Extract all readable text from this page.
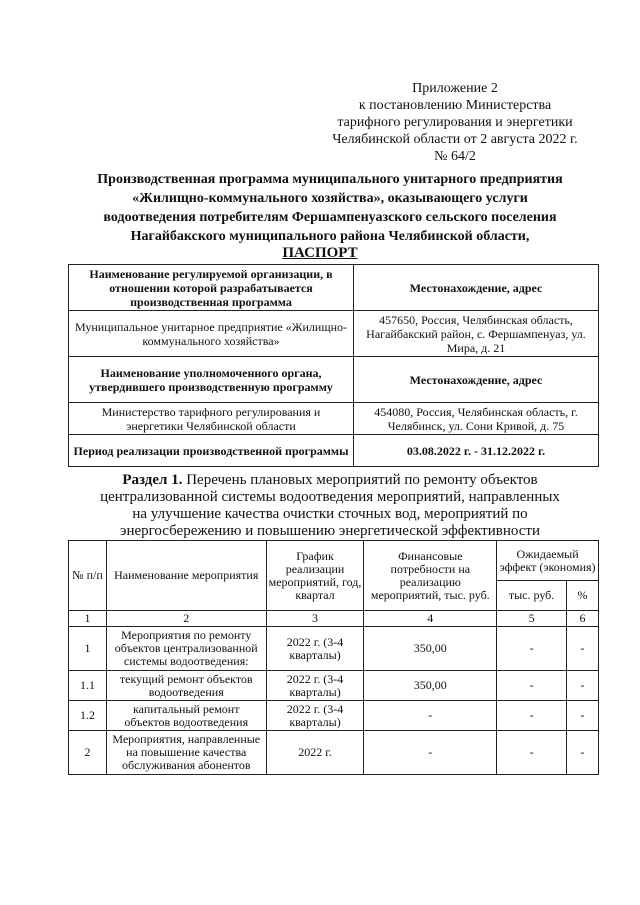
Приложение 2
к постановлению Министерства
тарифного регулирования и энергетики
Челябинской области от 2 августа 2022 г.
№ 64/2
Производственная программа муниципального унитарного предприятия
«Жилищно-коммунального хозяйства», оказывающего услуги
водоотведения потребителям Фершампенуазского сельского поселения
Нагайбакского муниципального района Челябинской области,
ПАСПОРТ
Наименование регулируемой организации, в отношении которой разрабатывается производственная программа	Местонахождение, адрес
Муниципальное унитарное предприятие «Жилищно-коммунального хозяйства»	457650, Россия, Челябинская область, Нагайбакский район, с. Фершампенуаз, ул. Мира, д. 21
Наименование уполномоченного органа, утвердившего производственную программу	Местонахождение, адрес
Министерство тарифного регулирования и энергетики Челябинской области	454080, Россия, Челябинская область, г. Челябинск, ул. Сони Кривой, д. 75
Период реализации производственной программы	03.08.2022 г. - 31.12.2022 г.
Раздел 1. Перечень плановых мероприятий по ремонту объектов
централизованной системы водоотведения мероприятий, направленных
на улучшение качества очистки сточных вод, мероприятий по
энергосбережению и повышению энергетической эффективности
№ п/п	Наименование мероприятия	График реализации мероприятий, год, квартал	Финансовые потребности на реализацию мероприятий, тыс. руб.	Ожидаемый эффект (экономия)	
				тыс. руб.	%
1	2	3	4	5	6
1	Мероприятия по ремонту объектов централизованной системы водоотведения:	2022 г. (3-4 кварталы)	350,00	-	-
1.1	текущий ремонт объектов водоотведения	2022 г. (3-4 кварталы)	350,00	-	-
1.2	капитальный ремонт объектов водоотведения	2022 г. (3-4 кварталы)	-	-	-
2	Мероприятия, направленные на повышение качества обслуживания абонентов	2022 г.	-	-	-
